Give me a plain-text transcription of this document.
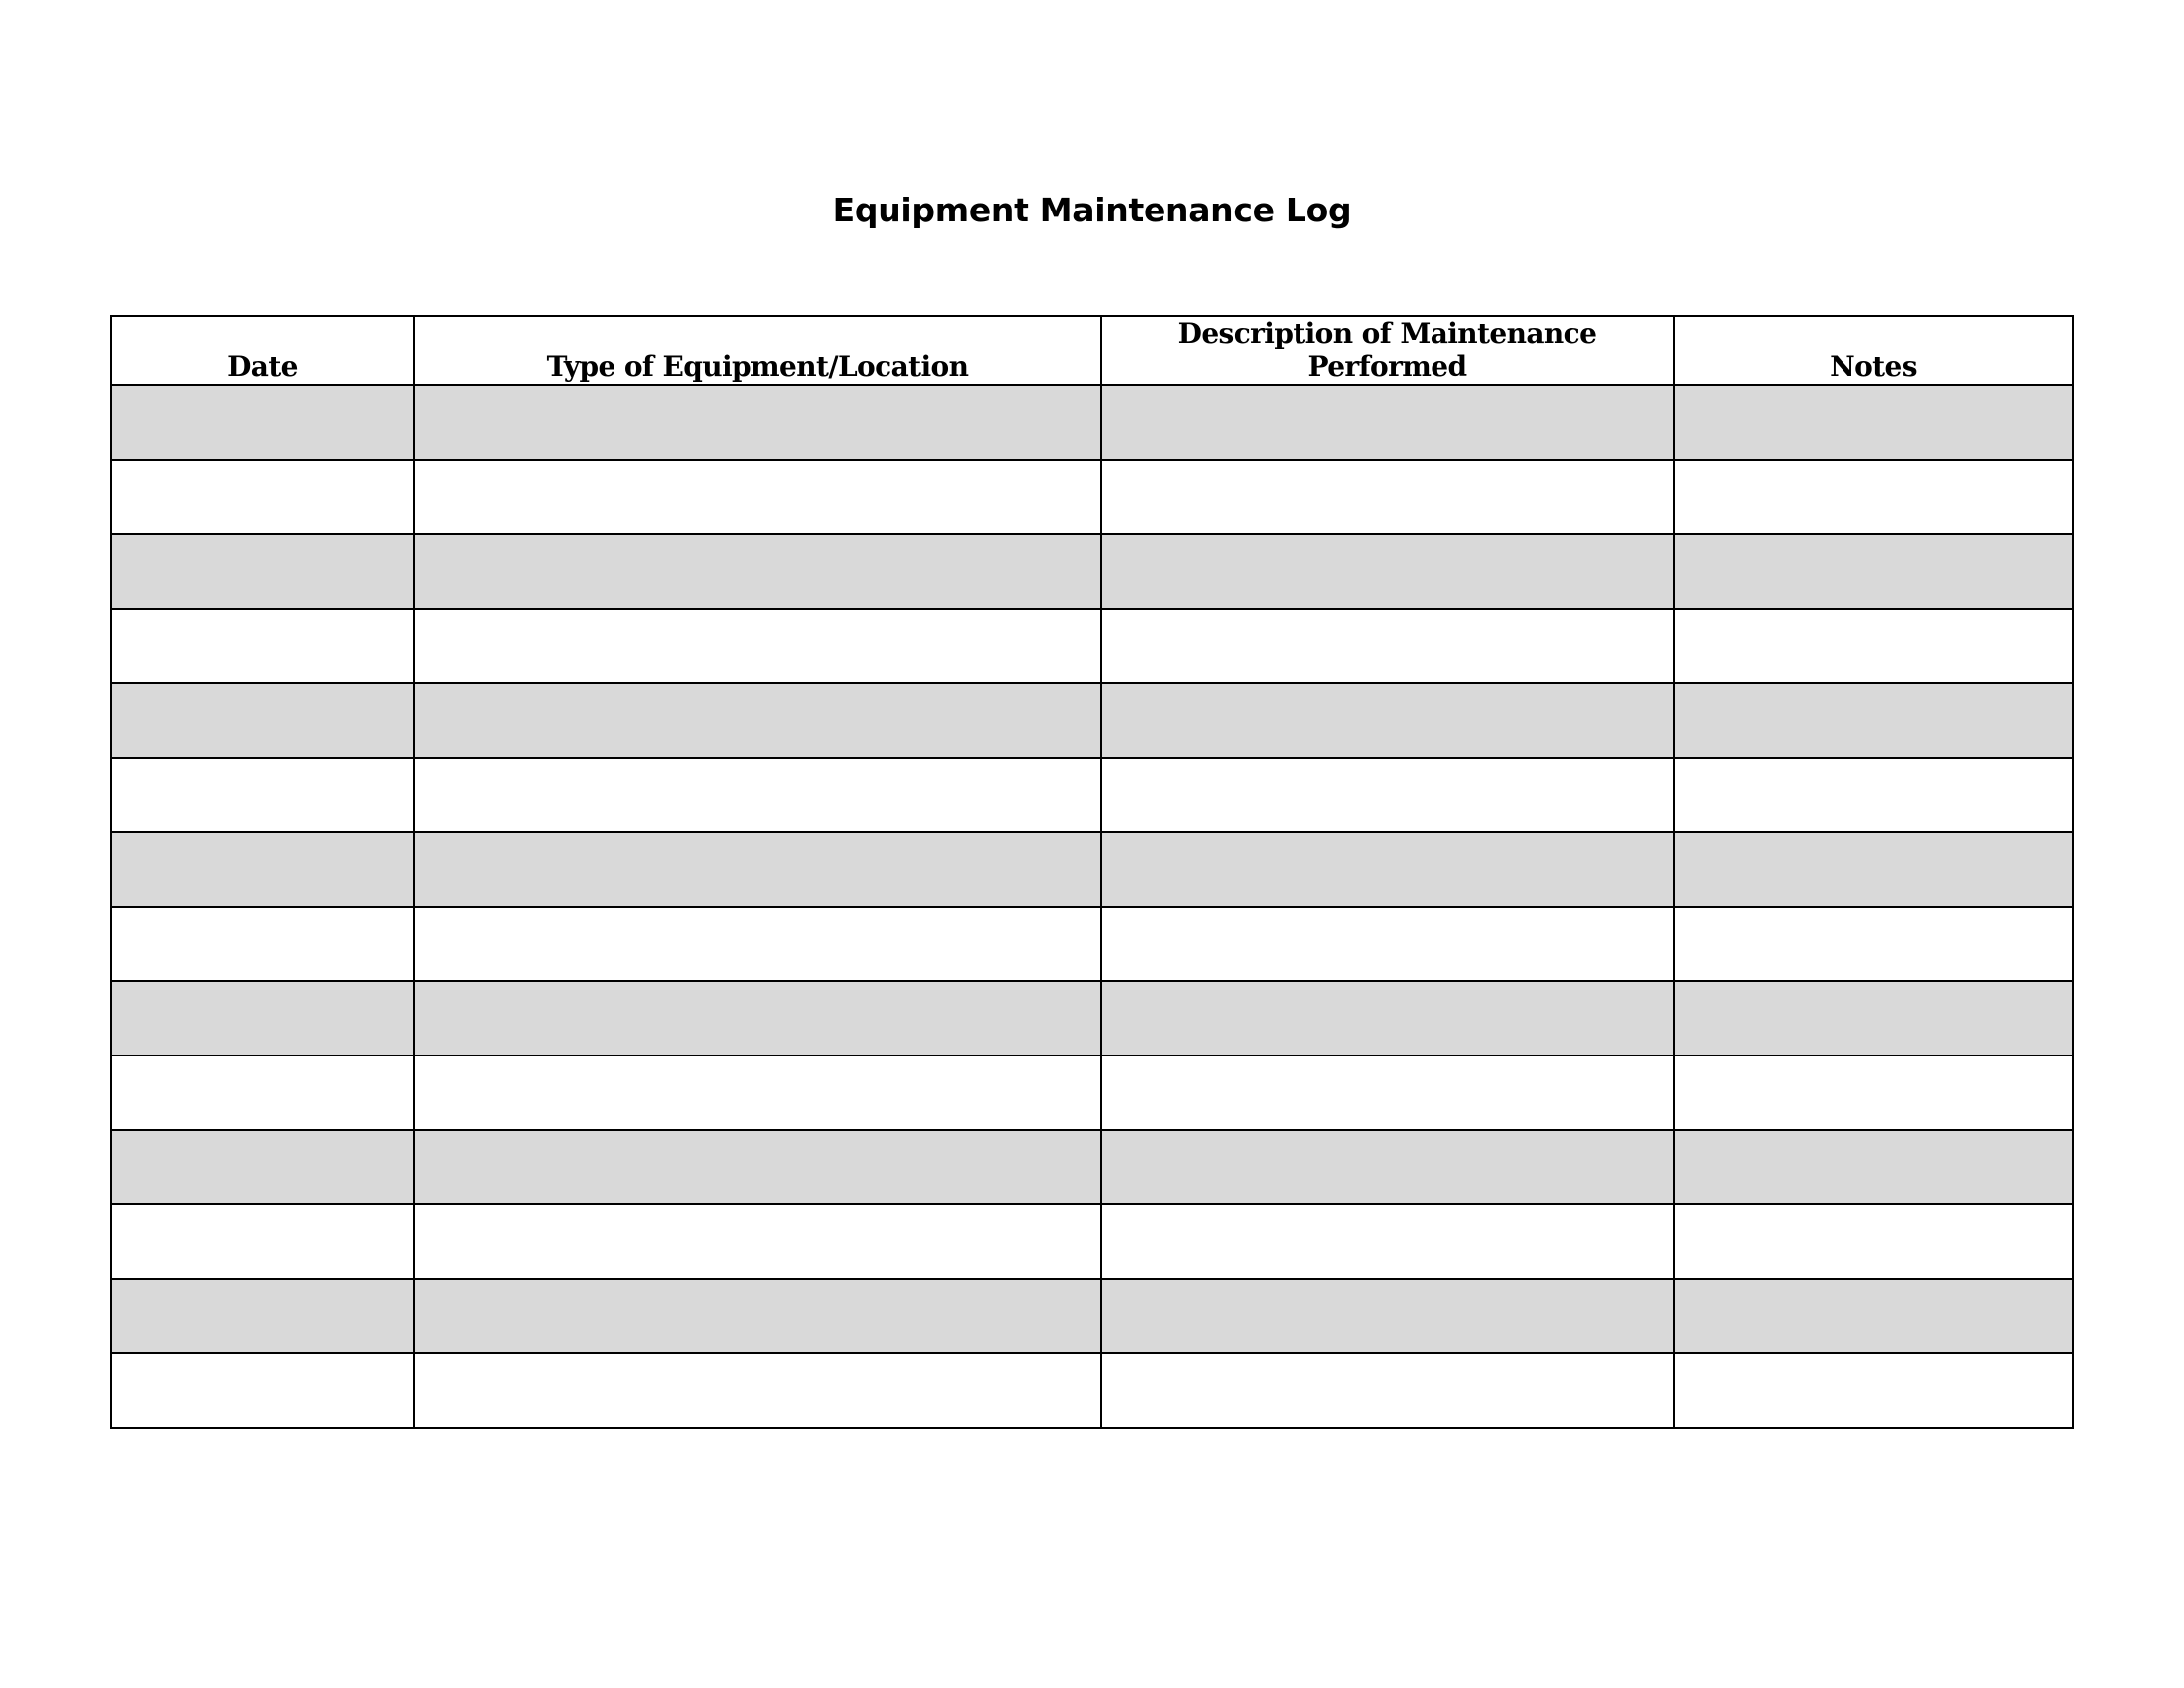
Equipment Maintenance Log
Date	Type of Equipment/Location	Description of Maintenance Performed	Notes
